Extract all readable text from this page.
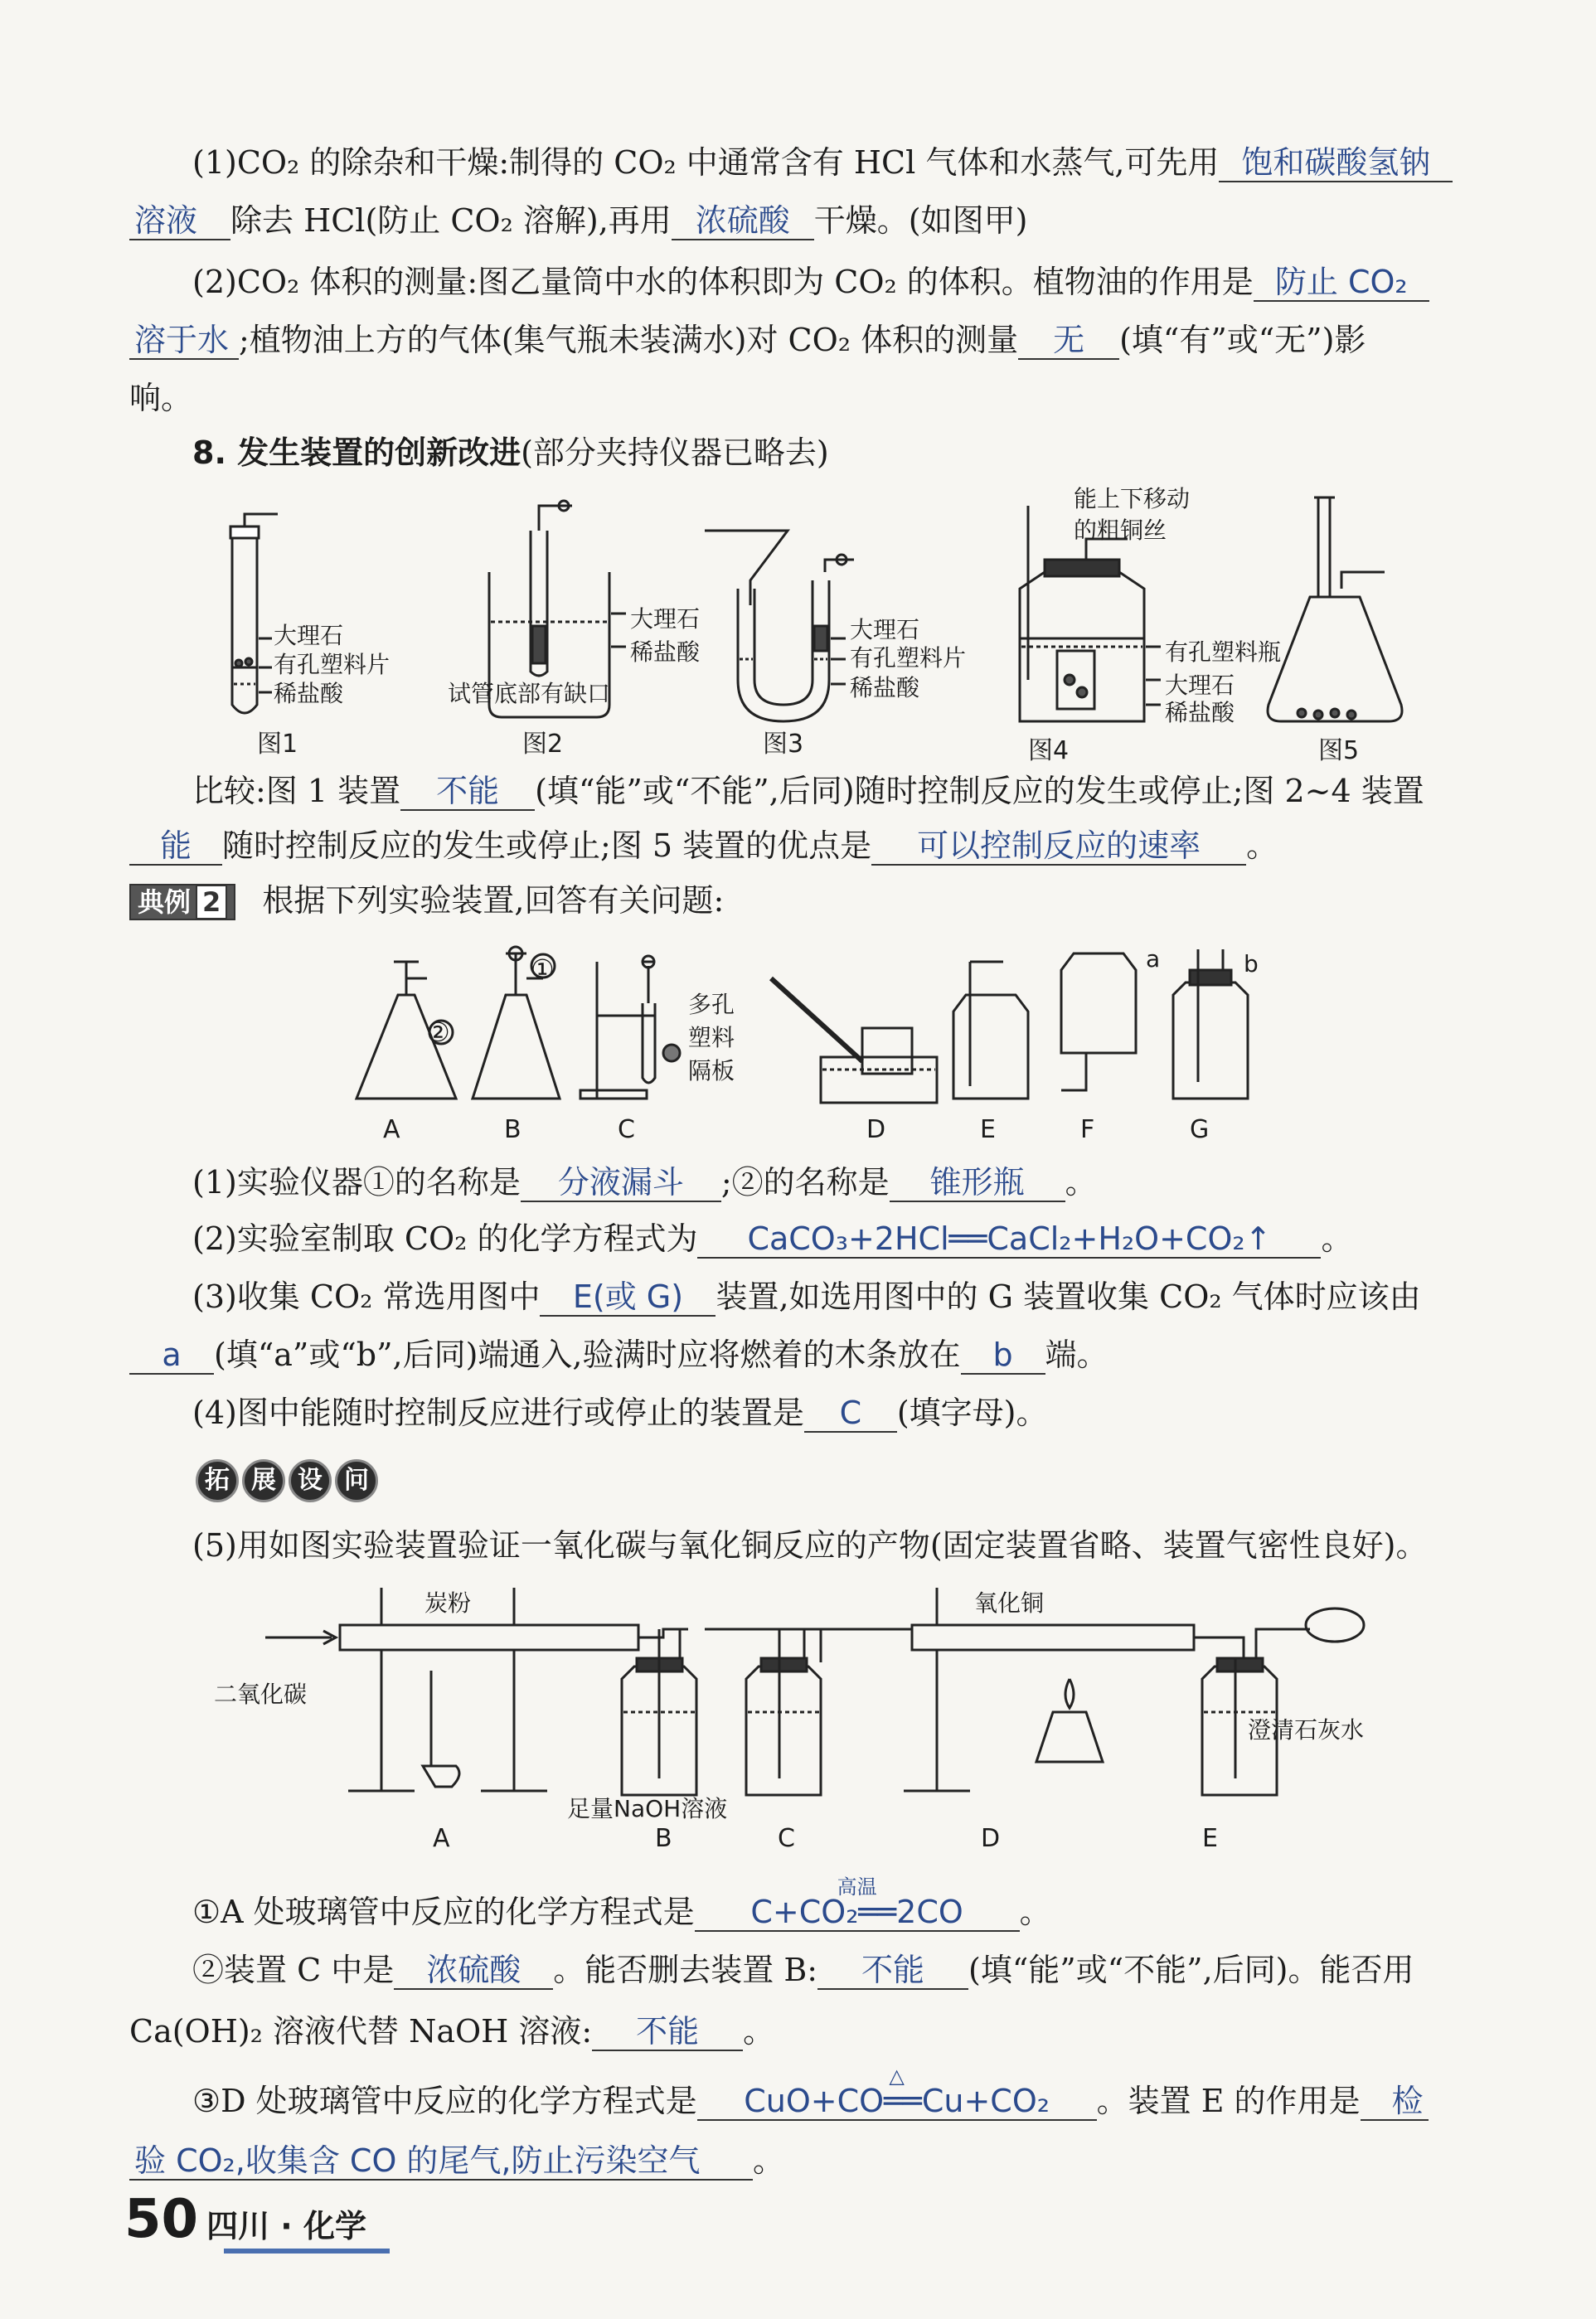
(1)CO₂ 的除杂和干燥:制得的 CO₂ 中通常含有 HCl 气体和水蒸气,可先用 饱和碳酸氢钠
溶液 除去 HCl(防止 CO₂ 溶解),再用 浓硫酸 干燥。(如图甲)
(2)CO₂ 体积的测量:图乙量筒中水的体积即为 CO₂ 的体积。植物油的作用是 防止 CO₂
溶于水 ;植物油上方的气体(集气瓶未装满水)对 CO₂ 体积的测量 无 (填“有”或“无”)影
响。
8. 发生装置的创新改进(部分夹持仪器已略去)
大理石
有孔塑料片
稀盐酸
大理石
稀盐酸
试管底部有缺口
大理石
有孔塑料片
稀盐酸
能上下移动
的粗铜丝
有孔塑料瓶
大理石
稀盐酸
图1	图2	图3	图4	图5
比较:图 1 装置 不能 (填“能”或“不能”,后同)随时控制反应的发生或停止;图 2~4 装置
能 随时控制反应的发生或停止;图 5 装置的优点是 可以控制反应的速率 。
典例 2 根据下列实验装置,回答有关问题:
②
①
多孔
塑料
隔板
a	b
A	B	C	D	E	F	G
(1)实验仪器①的名称是 分液漏斗 ;②的名称是 锥形瓶 。
(2)实验室制取 CO₂ 的化学方程式为 CaCO₃+2HCl══CaCl₂+H₂O+CO₂↑ 。
(3)收集 CO₂ 常选用图中 E(或 G) 装置,如选用图中的 G 装置收集 CO₂ 气体时应该由
a (填“a”或“b”,后同)端通入,验满时应将燃着的木条放在 b 端。
(4)图中能随时控制反应进行或停止的装置是 C (填字母)。
拓 展 设 问
(5)用如图实验装置验证一氧化碳与氧化铜反应的产物(固定装置省略、装置气密性良好)。
炭粉
二氧化碳
氧化铜
足量NaOH溶液
澄清石灰水
A	B	C	D	E
①A 处玻璃管中反应的化学方程式是
高温
C+CO₂══2CO 。
②装置 C 中是 浓硫酸 。能否删去装置 B: 不能 (填“能”或“不能”,后同)。能否用
Ca(OH)₂ 溶液代替 NaOH 溶液: 不能 。
③D 处玻璃管中反应的化学方程式是
△
CuO+CO══Cu+CO₂ 。装置 E 的作用是 检
验 CO₂,收集含 CO 的尾气,防止污染空气 。
50 四川 · 化学
